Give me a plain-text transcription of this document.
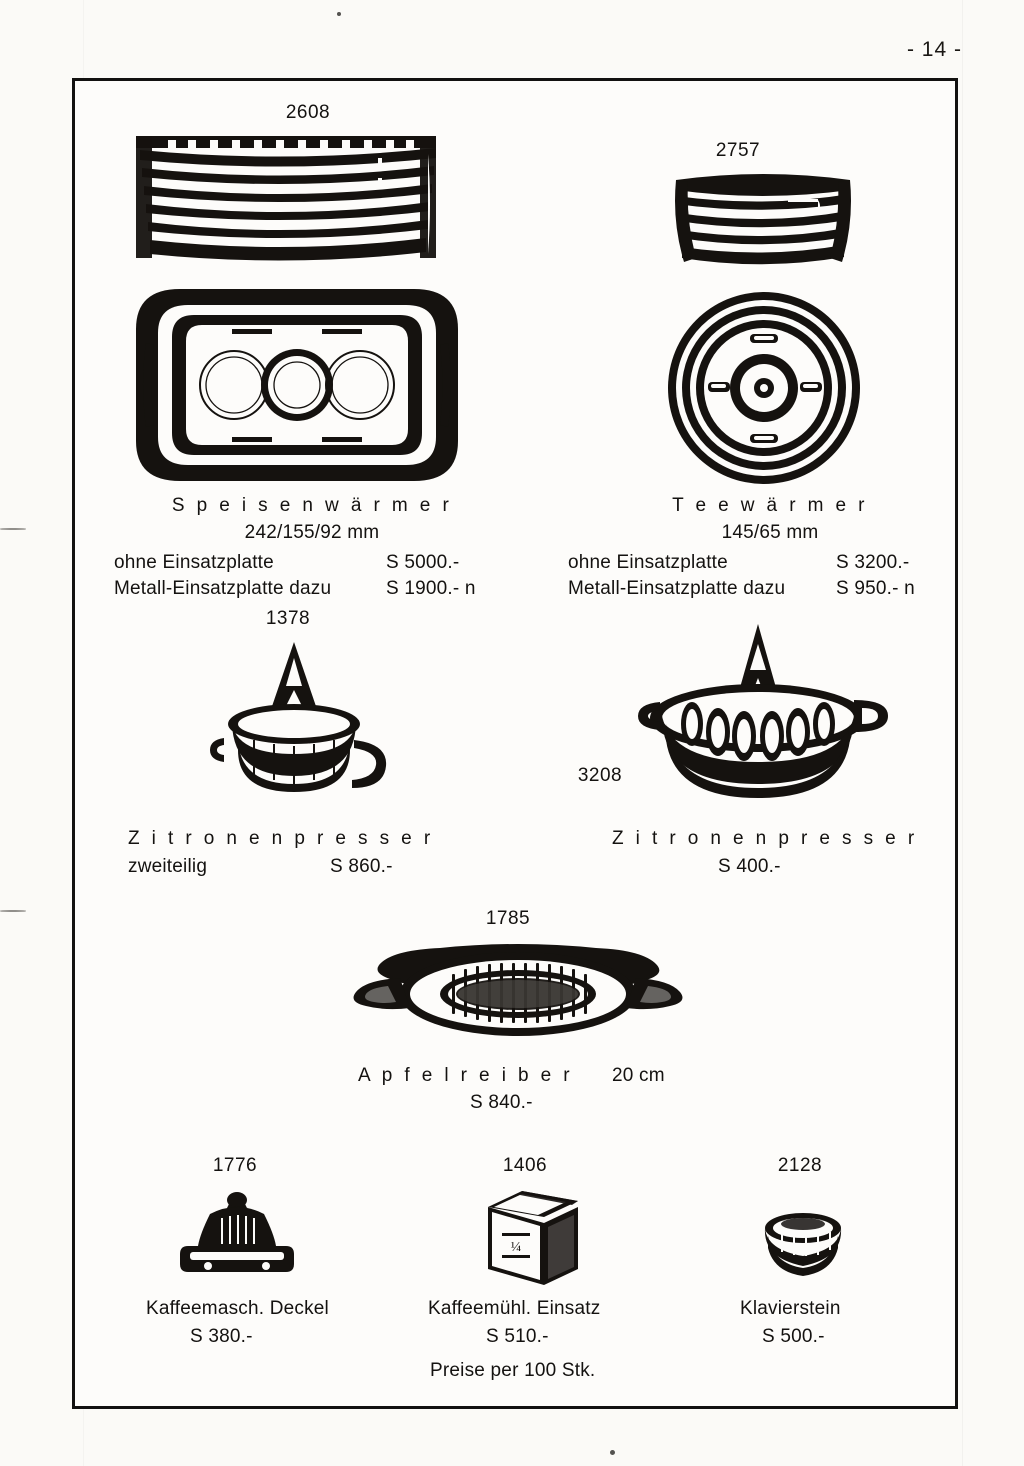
- 14 -
2608
S p e i s e n w ä r m e r
242/155/92 mm
ohne Einsatzplatte	S 5000.-
Metall-Einsatzplatte dazu	S 1900.- n
2757
T e e w ä r m e r
145/65 mm
ohne Einsatzplatte	S 3200.-
Metall-Einsatzplatte dazu	S 950.- n
1378
Z i t r o n e n p r e s s e r
zweiteilig	S 860.-
3208
Z i t r o n e n p r e s s e r
S 400.-
1785
A p f e l r e i b e r 20 cm
S 840.-
1776
Kaffeemasch. Deckel
S 380.-
1406
¼
Kaffeemühl. Einsatz
S 510.-
2128
Klavierstein
S 500.-
Preise per 100 Stk.
